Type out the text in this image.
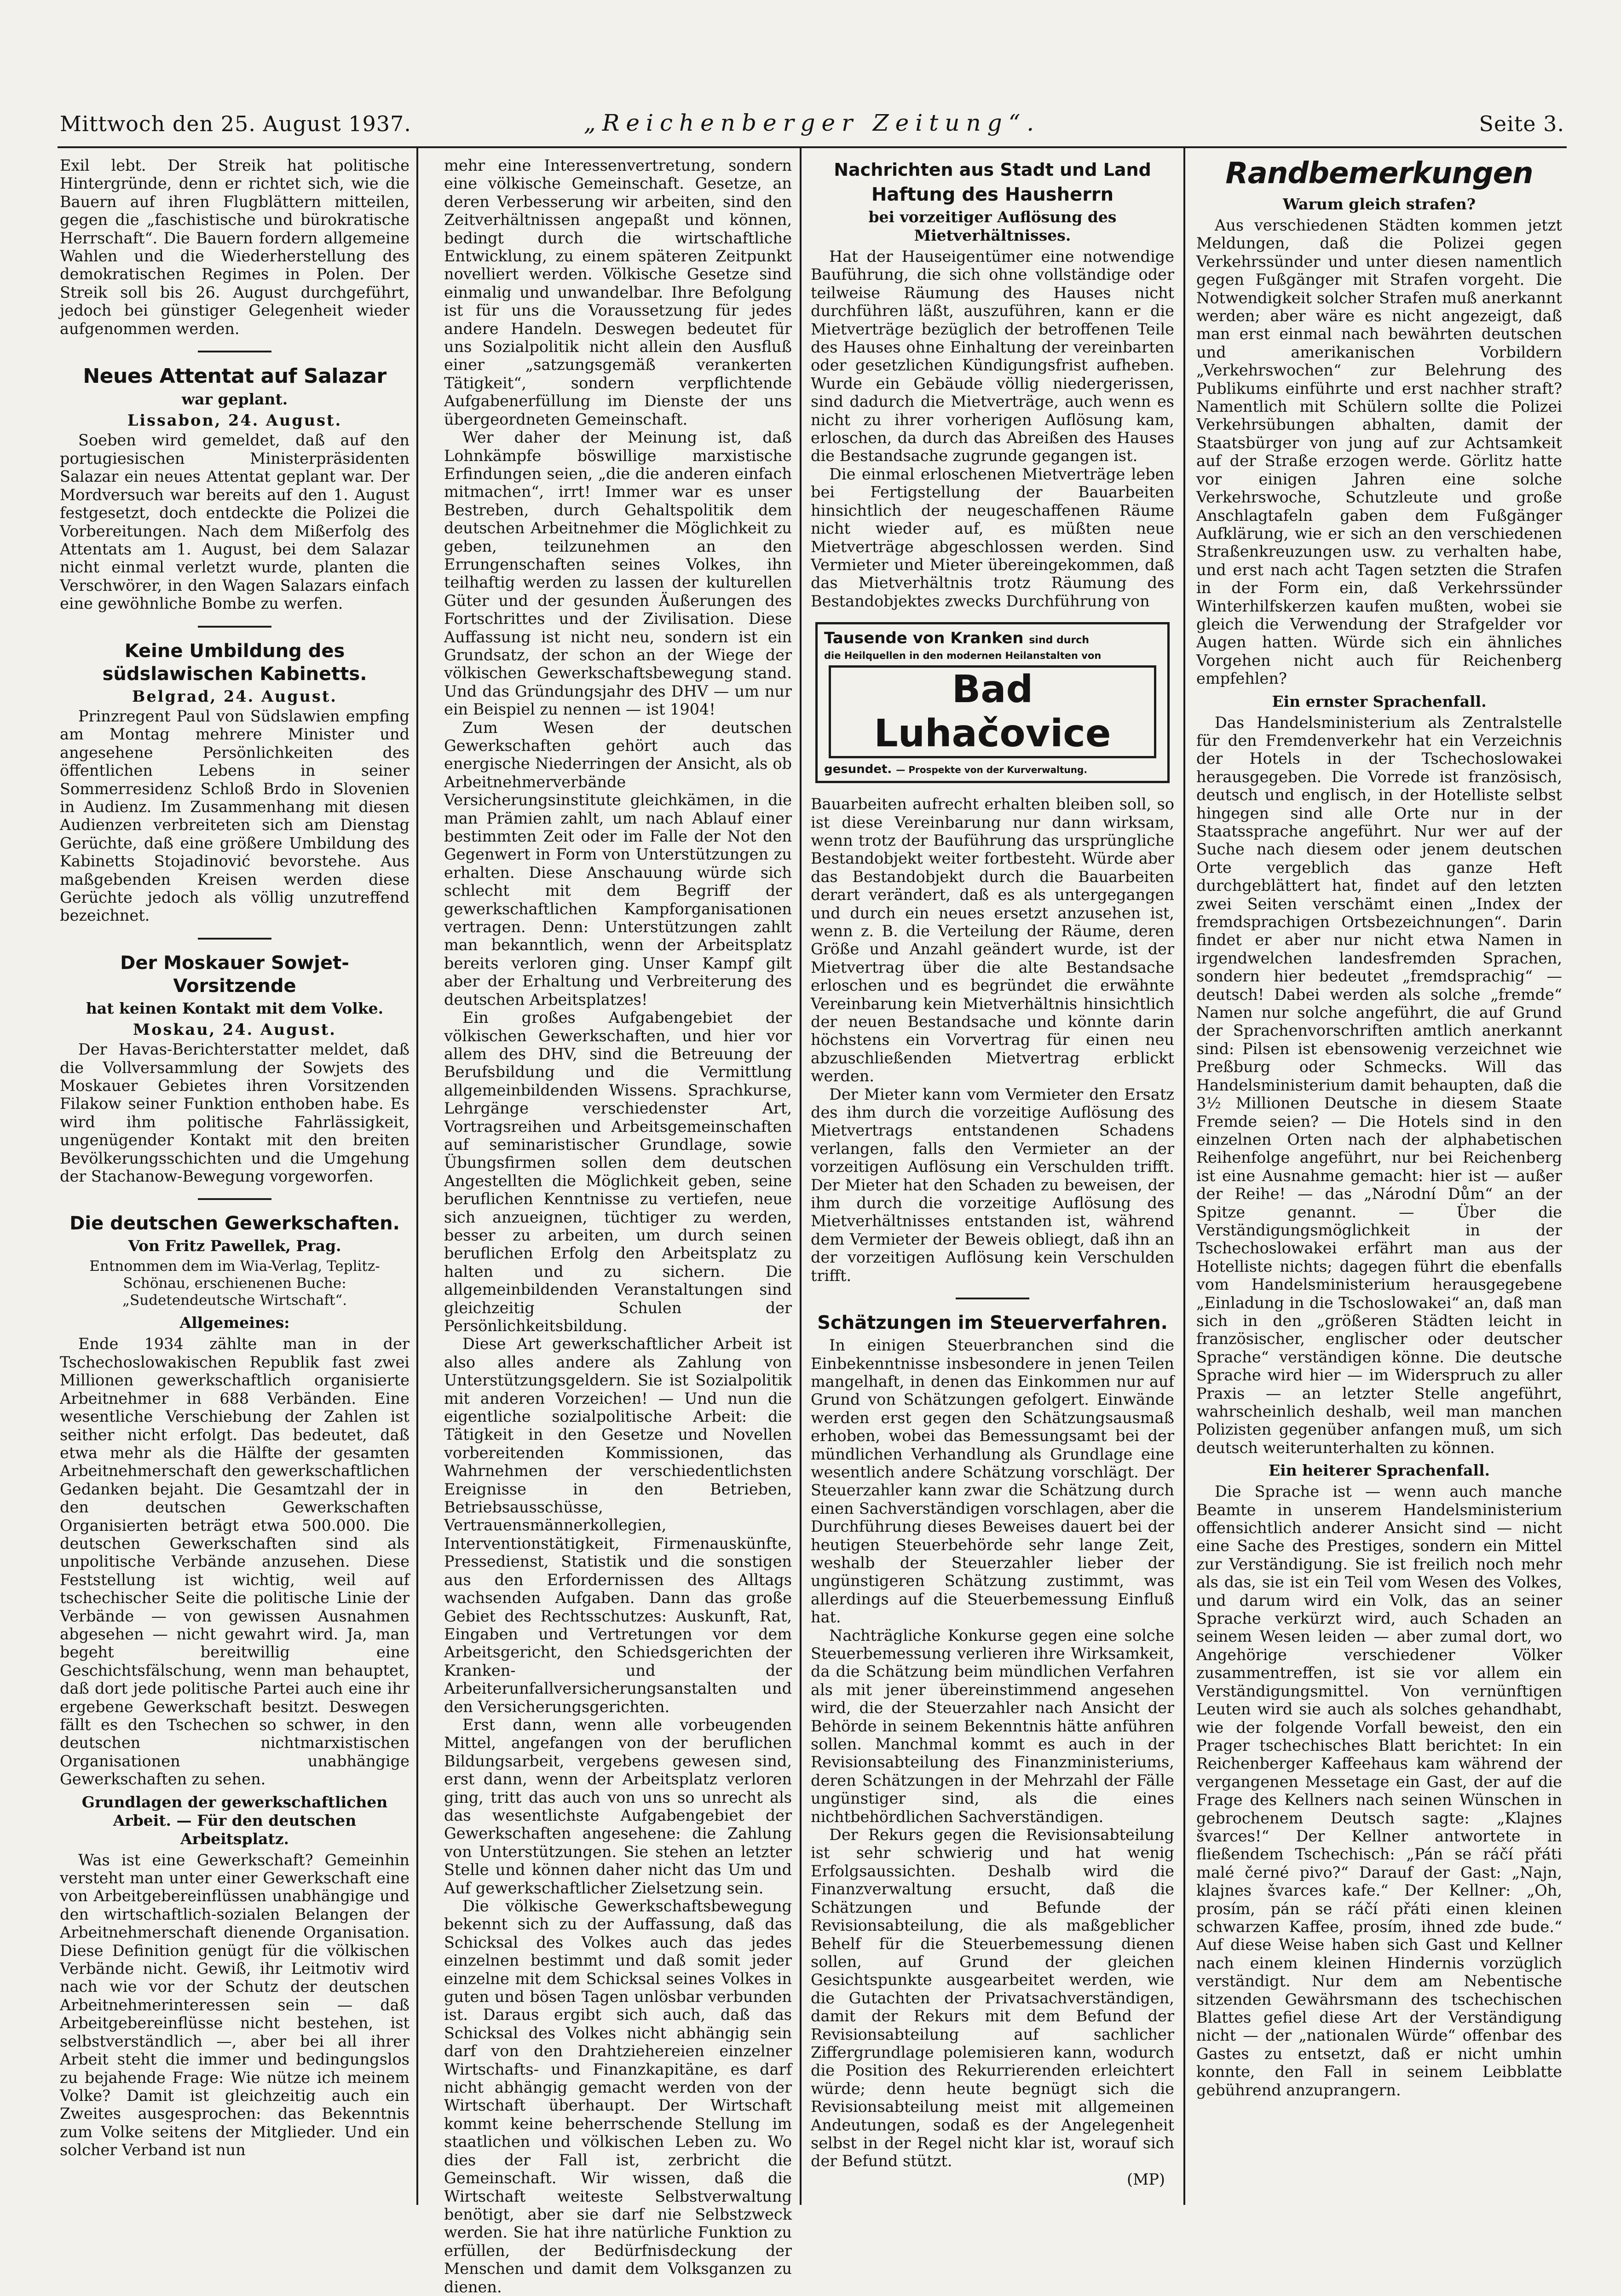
Mittwoch den 25. August 1937.	„Reichenberger Zeitung“.	Seite 3.

Exil lebt. Der Streik hat politische Hintergründe, denn er richtet sich, wie die Bauern auf ihren Flugblättern mitteilen, gegen die „faschistische und bürokratische Herrschaft“. Die Bauern fordern allgemeine Wahlen und die Wiederherstellung des demokratischen Regimes in Polen. Der Streik soll bis 26. August durchgeführt, jedoch bei günstiger Gelegenheit wieder aufgenommen werden.

Neues Attentat auf Salazar
war geplant.
Lissabon, 24. August.

Soeben wird gemeldet, daß auf den portugiesischen Ministerpräsidenten Salazar ein neues Attentat geplant war. Der Mordversuch war bereits auf den 1. August festgesetzt, doch entdeckte die Polizei die Vorbereitungen. Nach dem Mißerfolg des Attentats am 1. August, bei dem Salazar nicht einmal verletzt wurde, planten die Verschwörer, in den Wagen Salazars einfach eine gewöhnliche Bombe zu werfen.

Keine Umbildung des südslawischen Kabinetts.
Belgrad, 24. August.

Prinzregent Paul von Südslawien empfing am Montag mehrere Minister und angesehene Persönlichkeiten des öffentlichen Lebens in seiner Sommerresidenz Schloß Brdo in Slovenien in Audienz. Im Zusammenhang mit diesen Audienzen verbreiteten sich am Dienstag Gerüchte, daß eine größere Umbildung des Kabinetts Stojadinović bevorstehe. Aus maßgebenden Kreisen werden diese Gerüchte jedoch als völlig unzutreffend bezeichnet.

Der Moskauer Sowjet-Vorsitzende
hat keinen Kontakt mit dem Volke.
Moskau, 24. August.

Der Havas-Berichterstatter meldet, daß die Vollversammlung der Sowjets des Moskauer Gebietes ihren Vorsitzenden Filakow seiner Funktion enthoben habe. Es wird ihm politische Fahrlässigkeit, ungenügender Kontakt mit den breiten Bevölkerungsschichten und die Umgehung der Stachanow-Bewegung vorgeworfen.

Die deutschen Gewerkschaften.
Von Fritz Pawellek, Prag.

Entnommen dem im Wia-Verlag, Teplitz-Schönau, erschienenen Buche: „Sudetendeutsche Wirtschaft“.

Allgemeines:

Ende 1934 zählte man in der Tschechoslowakischen Republik fast zwei Millionen gewerkschaftlich organisierte Arbeitnehmer in 688 Verbänden. Eine wesentliche Verschiebung der Zahlen ist seither nicht erfolgt. Das bedeutet, daß etwa mehr als die Hälfte der gesamten Arbeitnehmerschaft den gewerkschaftlichen Gedanken bejaht. Die Gesamtzahl der in den deutschen Gewerkschaften Organisierten beträgt etwa 500.000. Die deutschen Gewerkschaften sind als unpolitische Verbände anzusehen. Diese Feststellung ist wichtig, weil auf tschechischer Seite die politische Linie der Verbände — von gewissen Ausnahmen abgesehen — nicht gewahrt wird. Ja, man begeht bereitwillig eine Geschichtsfälschung, wenn man behauptet, daß dort jede politische Partei auch eine ihr ergebene Gewerkschaft besitzt. Deswegen fällt es den Tschechen so schwer, in den deutschen nichtmarxistischen Organisationen unabhängige Gewerkschaften zu sehen.

Grundlagen der gewerkschaftlichen Arbeit. — Für den deutschen Arbeitsplatz.

Was ist eine Gewerkschaft? Gemeinhin versteht man unter einer Gewerkschaft eine von Arbeitgebereinflüssen unabhängige und den wirtschaftlich-sozialen Belangen der Arbeitnehmerschaft dienende Organisation. Diese Definition genügt für die völkischen Verbände nicht. Gewiß, ihr Leitmotiv wird nach wie vor der Schutz der deutschen Arbeitnehmerinteressen sein — daß Arbeitgebereinflüsse nicht bestehen, ist selbstverständlich —, aber bei all ihrer Arbeit steht die immer und bedingungslos zu bejahende Frage: Wie nütze ich meinem Volke? Damit ist gleichzeitig auch ein Zweites ausgesprochen: das Bekenntnis zum Volke seitens der Mitglieder. Und ein solcher Verband ist nun

mehr eine Interessenvertretung, sondern eine völkische Gemeinschaft. Gesetze, an deren Verbesserung wir arbeiten, sind den Zeitverhältnissen angepaßt und können, bedingt durch die wirtschaftliche Entwicklung, zu einem späteren Zeitpunkt novelliert werden. Völkische Gesetze sind einmalig und unwandelbar. Ihre Befolgung ist für uns die Voraussetzung für jedes andere Handeln. Deswegen bedeutet für uns Sozialpolitik nicht allein den Ausfluß einer „satzungsgemäß verankerten Tätigkeit“, sondern verpflichtende Aufgabenerfüllung im Dienste der uns übergeordneten Gemeinschaft.

Wer daher der Meinung ist, daß Lohnkämpfe böswillige marxistische Erfindungen seien, „die die anderen einfach mitmachen“, irrt! Immer war es unser Bestreben, durch Gehaltspolitik dem deutschen Arbeitnehmer die Möglichkeit zu geben, teilzunehmen an den Errungenschaften seines Volkes, ihn teilhaftig werden zu lassen der kulturellen Güter und der gesunden Äußerungen des Fortschrittes und der Zivilisation. Diese Auffassung ist nicht neu, sondern ist ein Grundsatz, der schon an der Wiege der völkischen Gewerkschaftsbewegung stand. Und das Gründungsjahr des DHV — um nur ein Beispiel zu nennen — ist 1904!

Zum Wesen der deutschen Gewerkschaften gehört auch das energische Niederringen der Ansicht, als ob Arbeitnehmerverbände Versicherungsinstitute gleichkämen, in die man Prämien zahlt, um nach Ablauf einer bestimmten Zeit oder im Falle der Not den Gegenwert in Form von Unterstützungen zu erhalten. Diese Anschauung würde sich schlecht mit dem Begriff der gewerkschaftlichen Kampforganisationen vertragen. Denn: Unterstützungen zahlt man bekanntlich, wenn der Arbeitsplatz bereits verloren ging. Unser Kampf gilt aber der Erhaltung und Verbreiterung des deutschen Arbeitsplatzes!

Ein großes Aufgabengebiet der völkischen Gewerkschaften, und hier vor allem des DHV, sind die Betreuung der Berufsbildung und die Vermittlung allgemeinbildenden Wissens. Sprachkurse, Lehrgänge verschiedenster Art, Vortragsreihen und Arbeitsgemeinschaften auf seminaristischer Grundlage, sowie Übungsfirmen sollen dem deutschen Angestellten die Möglichkeit geben, seine beruflichen Kenntnisse zu vertiefen, neue sich anzueignen, tüchtiger zu werden, besser zu arbeiten, um durch seinen beruflichen Erfolg den Arbeitsplatz zu halten und zu sichern. Die allgemeinbildenden Veranstaltungen sind gleichzeitig Schulen der Persönlichkeitsbildung.

Diese Art gewerkschaftlicher Arbeit ist also alles andere als Zahlung von Unterstützungsgeldern. Sie ist Sozialpolitik mit anderen Vorzeichen! — Und nun die eigentliche sozialpolitische Arbeit: die Tätigkeit in den Gesetze und Novellen vorbereitenden Kommissionen, das Wahrnehmen der verschiedentlichsten Ereignisse in den Betrieben, Betriebsausschüsse, Vertrauensmännerkollegien, Interventionstätigkeit, Firmenauskünfte, Pressedienst, Statistik und die sonstigen aus den Erfordernissen des Alltags wachsenden Aufgaben. Dann das große Gebiet des Rechtsschutzes: Auskunft, Rat, Eingaben und Vertretungen vor dem Arbeitsgericht, den Schiedsgerichten der Kranken- und der Arbeiterunfallversicherungsanstalten und den Versicherungsgerichten.

Erst dann, wenn alle vorbeugenden Mittel, angefangen von der beruflichen Bildungsarbeit, vergebens gewesen sind, erst dann, wenn der Arbeitsplatz verloren ging, tritt das auch von uns so unrecht als das wesentlichste Aufgabengebiet der Gewerkschaften angesehene: die Zahlung von Unterstützungen. Sie stehen an letzter Stelle und können daher nicht das Um und Auf gewerkschaftlicher Zielsetzung sein.

Die völkische Gewerkschaftsbewegung bekennt sich zu der Auffassung, daß das Schicksal des Volkes auch das jedes einzelnen bestimmt und daß somit jeder einzelne mit dem Schicksal seines Volkes in guten und bösen Tagen unlösbar verbunden ist. Daraus ergibt sich auch, daß das Schicksal des Volkes nicht abhängig sein darf von den Drahtziehereien einzelner Wirtschafts- und Finanzkapitäne, es darf nicht abhängig gemacht werden von der Wirtschaft überhaupt. Der Wirtschaft kommt keine beherrschende Stellung im staatlichen und völkischen Leben zu. Wo dies der Fall ist, zerbricht die Gemeinschaft. Wir wissen, daß die Wirtschaft weiteste Selbstverwaltung benötigt, aber sie darf nie Selbstzweck werden. Sie hat ihre natürliche Funktion zu erfüllen, der Bedürfnisdeckung der Menschen und damit dem Volksganzen zu dienen.

Nachrichten aus Stadt und Land
Haftung des Hausherrn
bei vorzeitiger Auflösung des Mietverhältnisses.

Hat der Hauseigentümer eine notwendige Bauführung, die sich ohne vollständige oder teilweise Räumung des Hauses nicht durchführen läßt, auszuführen, kann er die Mietverträge bezüglich der betroffenen Teile des Hauses ohne Einhaltung der vereinbarten oder gesetzlichen Kündigungsfrist aufheben. Wurde ein Gebäude völlig niedergerissen, sind dadurch die Mietverträge, auch wenn es nicht zu ihrer vorherigen Auflösung kam, erloschen, da durch das Abreißen des Hauses die Bestandsache zugrunde gegangen ist.

Die einmal erloschenen Mietverträge leben bei Fertigstellung der Bauarbeiten hinsichtlich der neugeschaffenen Räume nicht wieder auf, es müßten neue Mietverträge abgeschlossen werden. Sind Vermieter und Mieter übereingekommen, daß das Mietverhältnis trotz Räumung des Bestandobjektes zwecks Durchführung von

Tausende von Kranken sind durch
die Heilquellen in den modernen Heilanstalten von
Bad Luhačovice
gesundet. — Prospekte von der Kurverwaltung.

Bauarbeiten aufrecht erhalten bleiben soll, so ist diese Vereinbarung nur dann wirksam, wenn trotz der Bauführung das ursprüngliche Bestandobjekt weiter fortbesteht. Würde aber das Bestandobjekt durch die Bauarbeiten derart verändert, daß es als untergegangen und durch ein neues ersetzt anzusehen ist, wenn z. B. die Verteilung der Räume, deren Größe und Anzahl geändert wurde, ist der Mietvertrag über die alte Bestandsache erloschen und es begründet die erwähnte Vereinbarung kein Mietverhältnis hinsichtlich der neuen Bestandsache und könnte darin höchstens ein Vorvertrag für einen neu abzuschließenden Mietvertrag erblickt werden.

Der Mieter kann vom Vermieter den Ersatz des ihm durch die vorzeitige Auflösung des Mietvertrags entstandenen Schadens verlangen, falls den Vermieter an der vorzeitigen Auflösung ein Verschulden trifft. Der Mieter hat den Schaden zu beweisen, der ihm durch die vorzeitige Auflösung des Mietverhältnisses entstanden ist, während dem Vermieter der Beweis obliegt, daß ihn an der vorzeitigen Auflösung kein Verschulden trifft.

Schätzungen im Steuerverfahren.

In einigen Steuerbranchen sind die Einbekenntnisse insbesondere in jenen Teilen mangelhaft, in denen das Einkommen nur auf Grund von Schätzungen gefolgert. Einwände werden erst gegen den Schätzungsausmaß erhoben, wobei das Bemessungsamt bei der mündlichen Verhandlung als Grundlage eine wesentlich andere Schätzung vorschlägt. Der Steuerzahler kann zwar die Schätzung durch einen Sachverständigen vorschlagen, aber die Durchführung dieses Beweises dauert bei der heutigen Steuerbehörde sehr lange Zeit, weshalb der Steuerzahler lieber der ungünstigeren Schätzung zustimmt, was allerdings auf die Steuerbemessung Einfluß hat.

Nachträgliche Konkurse gegen eine solche Steuerbemessung verlieren ihre Wirksamkeit, da die Schätzung beim mündlichen Verfahren als mit jener übereinstimmend angesehen wird, die der Steuerzahler nach Ansicht der Behörde in seinem Bekenntnis hätte anführen sollen. Manchmal kommt es auch in der Revisionsabteilung des Finanzministeriums, deren Schätzungen in der Mehrzahl der Fälle ungünstiger sind, als die eines nichtbehördlichen Sachverständigen.

Der Rekurs gegen die Revisionsabteilung ist sehr schwierig und hat wenig Erfolgsaussichten. Deshalb wird die Finanzverwaltung ersucht, daß die Schätzungen und Befunde der Revisionsabteilung, die als maßgeblicher Behelf für die Steuerbemessung dienen sollen, auf Grund der gleichen Gesichtspunkte ausgearbeitet werden, wie die Gutachten der Privatsachverständigen, damit der Rekurs mit dem Befund der Revisionsabteilung auf sachlicher Ziffergrundlage polemisieren kann, wodurch die Position des Rekurrierenden erleichtert würde; denn heute begnügt sich die Revisionsabteilung meist mit allgemeinen Andeutungen, sodaß es der Angelegenheit selbst in der Regel nicht klar ist, worauf sich der Befund stützt.

(MP)
Randbemerkungen
Warum gleich strafen?

Aus verschiedenen Städten kommen jetzt Meldungen, daß die Polizei gegen Verkehrssünder und unter diesen namentlich gegen Fußgänger mit Strafen vorgeht. Die Notwendigkeit solcher Strafen muß anerkannt werden; aber wäre es nicht angezeigt, daß man erst einmal nach bewährten deutschen und amerikanischen Vorbildern „Verkehrswochen“ zur Belehrung des Publikums einführte und erst nachher straft? Namentlich mit Schülern sollte die Polizei Verkehrsübungen abhalten, damit der Staatsbürger von jung auf zur Achtsamkeit auf der Straße erzogen werde. Görlitz hatte vor einigen Jahren eine solche Verkehrswoche, Schutzleute und große Anschlagtafeln gaben dem Fußgänger Aufklärung, wie er sich an den verschiedenen Straßenkreuzungen usw. zu verhalten habe, und erst nach acht Tagen setzten die Strafen in der Form ein, daß Verkehrssünder Winterhilfskerzen kaufen mußten, wobei sie gleich die Verwendung der Strafgelder vor Augen hatten. Würde sich ein ähnliches Vorgehen nicht auch für Reichenberg empfehlen?

Ein ernster Sprachenfall.

Das Handelsministerium als Zentralstelle für den Fremdenverkehr hat ein Verzeichnis der Hotels in der Tschechoslowakei herausgegeben. Die Vorrede ist französisch, deutsch und englisch, in der Hotelliste selbst hingegen sind alle Orte nur in der Staatssprache angeführt. Nur wer auf der Suche nach diesem oder jenem deutschen Orte vergeblich das ganze Heft durchgeblättert hat, findet auf den letzten zwei Seiten verschämt einen „Index der fremdsprachigen Ortsbezeichnungen“. Darin findet er aber nur nicht etwa Namen in irgendwelchen landesfremden Sprachen, sondern hier bedeutet „fremdsprachig“ — deutsch! Dabei werden als solche „fremde“ Namen nur solche angeführt, die auf Grund der Sprachenvorschriften amtlich anerkannt sind: Pilsen ist ebensowenig verzeichnet wie Preßburg oder Schmecks. Will das Handelsministerium damit behaupten, daß die 3½ Millionen Deutsche in diesem Staate Fremde seien? — Die Hotels sind in den einzelnen Orten nach der alphabetischen Reihenfolge angeführt, nur bei Reichenberg ist eine Ausnahme gemacht: hier ist — außer der Reihe! — das „Národní Dům“ an der Spitze genannt. — Über die Verständigungsmöglichkeit in der Tschechoslowakei erfährt man aus der Hotelliste nichts; dagegen führt die ebenfalls vom Handelsministerium herausgegebene „Einladung in die Tschoslowakei“ an, daß man sich in den „größeren Städten leicht in französischer, englischer oder deutscher Sprache“ verständigen könne. Die deutsche Sprache wird hier — im Widerspruch zu aller Praxis — an letzter Stelle angeführt, wahrscheinlich deshalb, weil man manchen Polizisten gegenüber anfangen muß, um sich deutsch weiterunterhalten zu können.

Ein heiterer Sprachenfall.

Die Sprache ist — wenn auch manche Beamte in unserem Handelsministerium offensichtlich anderer Ansicht sind — nicht eine Sache des Prestiges, sondern ein Mittel zur Verständigung. Sie ist freilich noch mehr als das, sie ist ein Teil vom Wesen des Volkes, und darum wird ein Volk, das an seiner Sprache verkürzt wird, auch Schaden an seinem Wesen leiden — aber zumal dort, wo Angehörige verschiedener Völker zusammentreffen, ist sie vor allem ein Verständigungsmittel. Von vernünftigen Leuten wird sie auch als solches gehandhabt, wie der folgende Vorfall beweist, den ein Prager tschechisches Blatt berichtet: In ein Reichenberger Kaffeehaus kam während der vergangenen Messetage ein Gast, der auf die Frage des Kellners nach seinen Wünschen in gebrochenem Deutsch sagte: „Klajnes švarces!“ Der Kellner antwortete in fließendem Tschechisch: „Pán se ráčí přáti malé černé pivo?“ Darauf der Gast: „Najn, klajnes švarces kafe.“ Der Kellner: „Oh, prosím, pán se ráčí přáti einen kleinen schwarzen Kaffee, prosím, ihned zde bude.“ Auf diese Weise haben sich Gast und Kellner nach einem kleinen Hindernis vorzüglich verständigt. Nur dem am Nebentische sitzenden Gewährsmann des tschechischen Blattes gefiel diese Art der Verständigung nicht — der „nationalen Würde“ offenbar des Gastes zu entsetzt, daß er nicht umhin konnte, den Fall in seinem Leibblatte gebührend anzuprangern.
